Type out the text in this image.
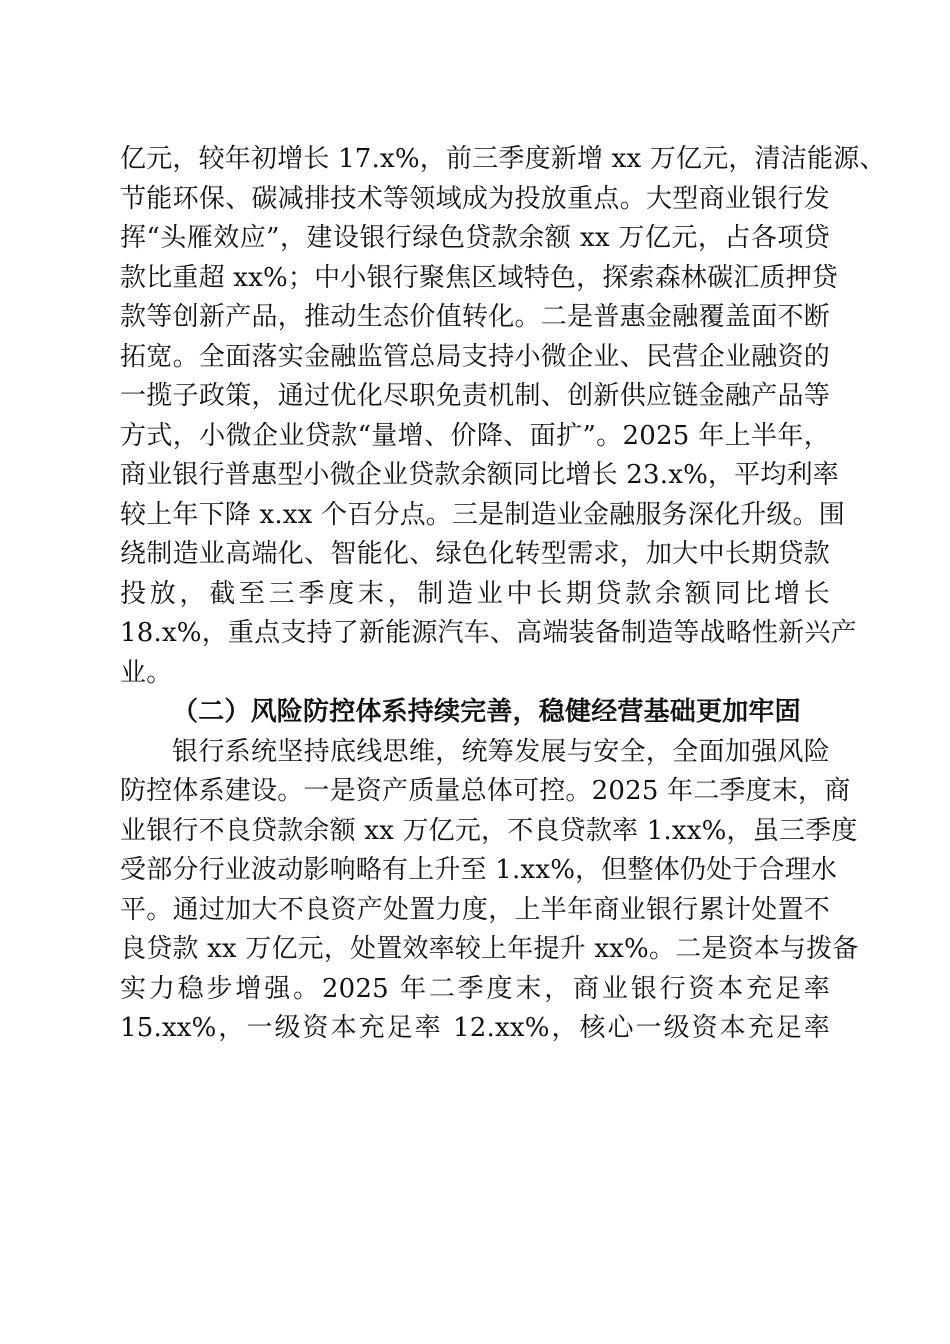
亿元，较年初增长 17.x%，前三季度新增 xx 万亿元，清洁能源、
节能环保、碳减排技术等领域成为投放重点。大型商业银行发
挥“头雁效应”，建设银行绿色贷款余额 xx 万亿元，占各项贷
款比重超 xx%；中小银行聚焦区域特色，探索森林碳汇质押贷
款等创新产品，推动生态价值转化。二是普惠金融覆盖面不断
拓宽。全面落实金融监管总局支持小微企业、民营企业融资的
一揽子政策，通过优化尽职免责机制、创新供应链金融产品等
方式，小微企业贷款“量增、价降、面扩”。2025 年上半年，
商业银行普惠型小微企业贷款余额同比增长 23.x%，平均利率
较上年下降 x.xx 个百分点。三是制造业金融服务深化升级。围
绕制造业高端化、智能化、绿色化转型需求，加大中长期贷款
投放，截至三季度末，制造业中长期贷款余额同比增长
18.x%，重点支持了新能源汽车、高端装备制造等战略性新兴产
业。
（二）风险防控体系持续完善，稳健经营基础更加牢固
银行系统坚持底线思维，统筹发展与安全，全面加强风险
防控体系建设。一是资产质量总体可控。2025 年二季度末，商
业银行不良贷款余额 xx 万亿元，不良贷款率 1.xx%，虽三季度
受部分行业波动影响略有上升至 1.xx%，但整体仍处于合理水
平。通过加大不良资产处置力度，上半年商业银行累计处置不
良贷款 xx 万亿元，处置效率较上年提升 xx%。二是资本与拨备
实力稳步增强。2025 年二季度末，商业银行资本充足率
15.xx%，一级资本充足率 12.xx%，核心一级资本充足率
